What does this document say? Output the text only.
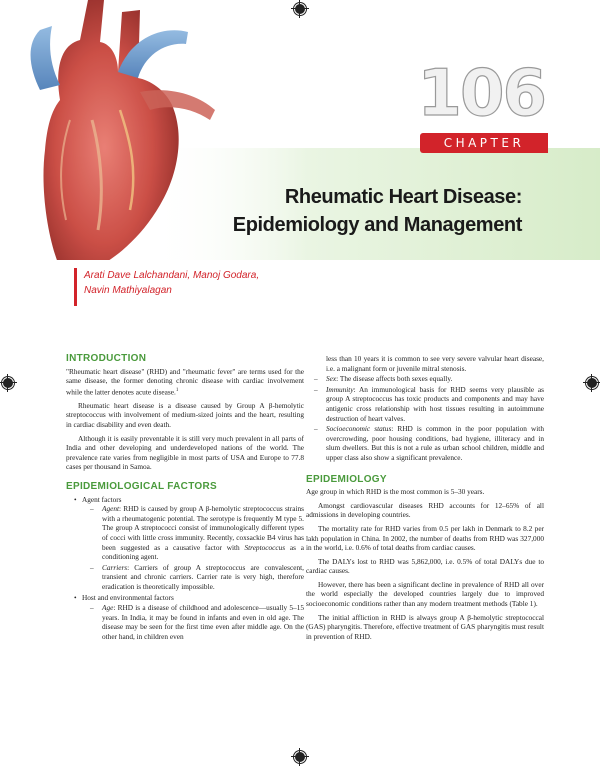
106
CHAPTER
Rheumatic Heart Disease:
Epidemiology and Management
Arati Dave Lalchandani, Manoj Godara,
Navin Mathiyalagan
INTRODUCTION

"Rheumatic heart disease" (RHD) and "rheumatic fever" are terms used for the same disease, the former denoting chronic disease with cardiac involvement while the latter denotes acute disease.$^1$

Rheumatic heart disease is a disease caused by Group A β-hemolytic streptococcus with involvement of medium-sized joints and the heart, resulting in cardiac disability and even death.

Although it is easily preventable it is still very much prevalent in all parts of India and other developing and underdeveloped nations of the world. The prevalence rate varies from negligible in most parts of USA and Europe to 77.8 cases per thousand in Samoa.

EPIDEMIOLOGICAL FACTORS
• Agent factors
– Agent: RHD is caused by group A β-hemolytic streptococcus strains with a rheumatogenic potential. The serotype is frequently M type 5. The group A streptococci consist of immunologically different types of cocci with little cross immunity. Recently, coxsackie B4 virus has been suggested as a causative factor with Streptococcus as a conditioning agent.
– Carriers: Carriers of group A streptococcus are convalescent, transient and chronic carriers. Carrier rate is very high, therefore eradication is theoretically impossible.
• Host and environmental factors
– Age: RHD is a disease of childhood and adolescence—usually 5–15 years. In India, it may be found in infants and even in old age. The disease may be seen for the first time even after middle age. On the other hand, in children even
less than 10 years it is common to see very severe valvular heart disease, i.e. a malignant form or juvenile mitral stenosis.
– Sex: The disease affects both sexes equally.
– Immunity: An immunological basis for RHD seems very plausible as group A streptococcus has toxic products and components and may have antigenic cross relationship with host tissues resulting in autoimmune destruction of heart valves.
– Socioeconomic status: RHD is common in the poor population with overcrowding, poor housing conditions, bad hygiene, illiteracy and in slum dwellers. But this is not a rule as urban school children, middle and upper class also show a significant prevalence.
EPIDEMIOLOGY

Age group in which RHD is the most common is 5–30 years.

Amongst cardiovascular diseases RHD accounts for 12–65% of all admissions in developing countries.

The mortality rate for RHD varies from 0.5 per lakh in Denmark to 8.2 per lakh population in China. In 2002, the number of deaths from RHD was 327,000 in the world, i.e. 0.6% of total deaths from cardiac causes.

The DALYs lost to RHD was 5,862,000, i.e. 0.5% of total DALYs due to cardiac causes.

However, there has been a significant decline in prevalence of RHD all over the world especially the developed countries largely due to improved socioeconomic conditions rather than any modern treatment methods (Table 1).

The initial affliction in RHD is always group A β-hemolytic streptococcal (GAS) pharyngitis. Therefore, effective treatment of GAS pharyngitis must result in prevention of RHD.
